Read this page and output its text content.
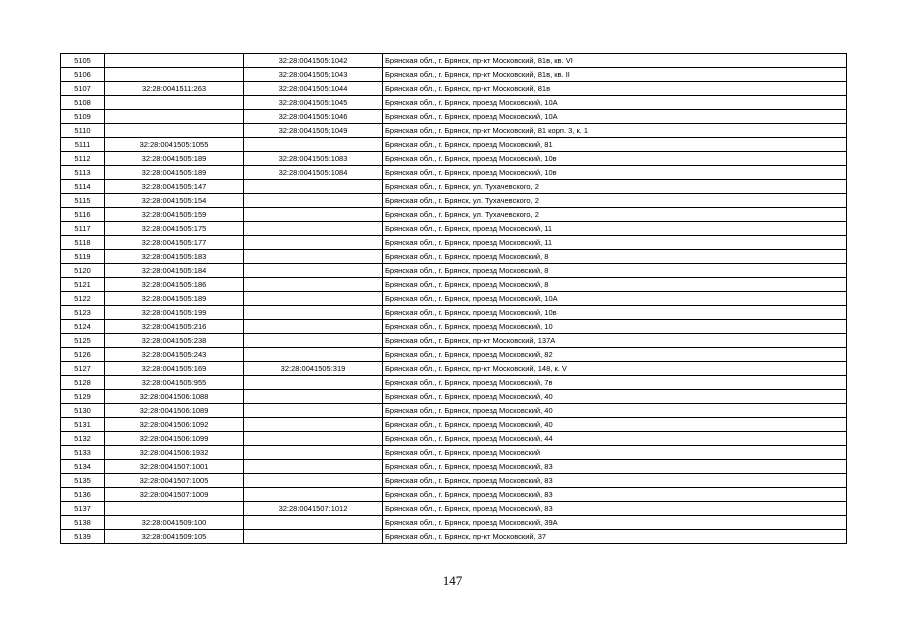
5105		32:28:0041505:1042	Брянская обл., г. Брянск, пр-кт Московский, 81в, кв. VI
5106		32:28:0041505:1043	Брянская обл., г. Брянск, пр-кт Московский, 81в, кв. II
5107	32:28:0041511:263	32:28:0041505:1044	Брянская обл., г. Брянск, пр-кт Московский, 81в
5108		32:28:0041505:1045	Брянская обл., г. Брянск, проезд Московский, 10А
5109		32:28:0041505:1046	Брянская обл., г. Брянск, проезд Московский, 10А
5110		32:28:0041505:1049	Брянская обл., г. Брянск, пр-кт Московский, 81 корп. 3, к. 1
5111	32:28:0041505:1055		Брянская обл., г. Брянск, проезд Московский, 81
5112	32:28:0041505:189	32:28:0041505:1083	Брянская обл., г. Брянск, проезд Московский, 10в
5113	32:28:0041505:189	32:28:0041505:1084	Брянская обл., г. Брянск, проезд Московский, 10в
5114	32:28:0041505:147		Брянская обл., г. Брянск, ул. Тухачевского, 2
5115	32:28:0041505:154		Брянская обл., г. Брянск, ул. Тухачевского, 2
5116	32:28:0041505:159		Брянская обл., г. Брянск, ул. Тухачевского, 2
5117	32:28:0041505:175		Брянская обл., г. Брянск, проезд Московский, 11
5118	32:28:0041505:177		Брянская обл., г. Брянск, проезд Московский, 11
5119	32:28:0041505:183		Брянская обл., г. Брянск, проезд Московский, 8
5120	32:28:0041505:184		Брянская обл., г. Брянск, проезд Московский, 8
5121	32:28:0041505:186		Брянская обл., г. Брянск, проезд Московский, 8
5122	32:28:0041505:189		Брянская обл., г. Брянск, проезд Московский, 10А
5123	32:28:0041505:199		Брянская обл., г. Брянск, проезд Московский, 10в
5124	32:28:0041505:216		Брянская обл., г. Брянск, проезд Московский, 10
5125	32:28:0041505:238		Брянская обл., г. Брянск, пр-кт Московский, 137А
5126	32:28:0041505:243		Брянская обл., г. Брянск, проезд Московский, 82
5127	32:28:0041505:169	32:28:0041505:319	Брянская обл., г. Брянск, пр-кт Московский, 148, к. V
5128	32:28:0041505:955		Брянская обл., г. Брянск, проезд Московский, 7в
5129	32:28:0041506:1088		Брянская обл., г. Брянск, проезд Московский, 40
5130	32:28:0041506:1089		Брянская обл., г. Брянск, проезд Московский, 40
5131	32:28:0041506:1092		Брянская обл., г. Брянск, проезд Московский, 40
5132	32:28:0041506:1099		Брянская обл., г. Брянск, проезд Московский, 44
5133	32:28:0041506:1932		Брянская обл., г. Брянск, проезд Московский
5134	32:28:0041507:1001		Брянская обл., г. Брянск, проезд Московский, 83
5135	32:28:0041507:1005		Брянская обл., г. Брянск, проезд Московский, 83
5136	32:28:0041507:1009		Брянская обл., г. Брянск, проезд Московский, 83
5137		32:28:0041507:1012	Брянская обл., г. Брянск, проезд Московский, 83
5138	32:28:0041509:100		Брянская обл., г. Брянск, проезд Московский, 39А
5139	32:28:0041509:105		Брянская обл., г. Брянск, пр-кт Московский, 37
147
